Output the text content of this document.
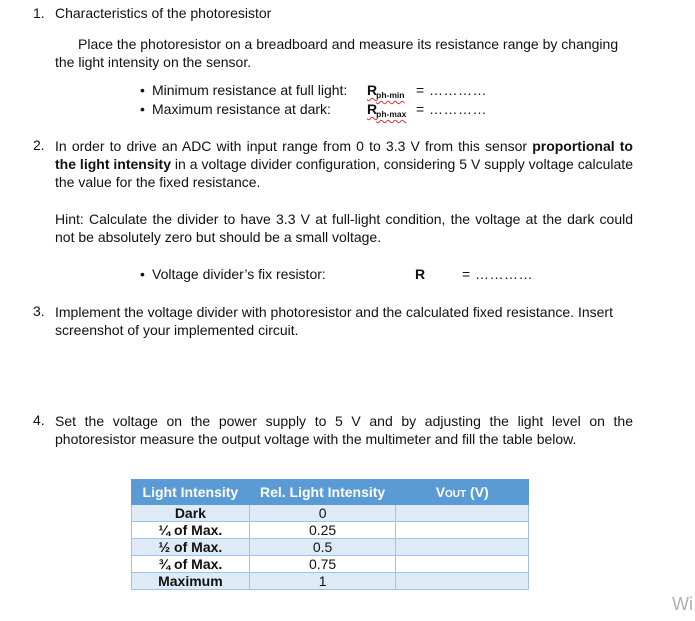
1. Characteristics of the photoresistor
Place the photoresistor on a breadboard and measure its resistance range by changing the light intensity on the sensor.
• Minimum resistance at full light: $R_{ph-min}$ = …………
• Maximum resistance at dark:	$R_{ph-max}$ = …………
2. In order to drive an ADC with input range from 0 to 3.3 V from this sensor proportional to the light intensity in a voltage divider configuration, considering 5 V supply voltage calculate the value for the fixed resistance.
Hint: Calculate the divider to have 3.3 V at full-light condition, the voltage at the dark could not be absolutely zero but should be a small voltage.
• Voltage divider’s fix resistor:	R	= …………
3. Implement the voltage divider with photoresistor and the calculated fixed resistance. Insert screenshot of your implemented circuit.
4. Set the voltage on the power supply to 5 V and by adjusting the light level on the photoresistor measure the output voltage with the multimeter and fill the table below.
Light Intensity	Rel. Light Intensity	VOUT (V)
Dark	0	
¼ of Max.	0.25	
½ of Max.	0.5	
¾ of Max.	0.75	
Maximum	1	
Wi
